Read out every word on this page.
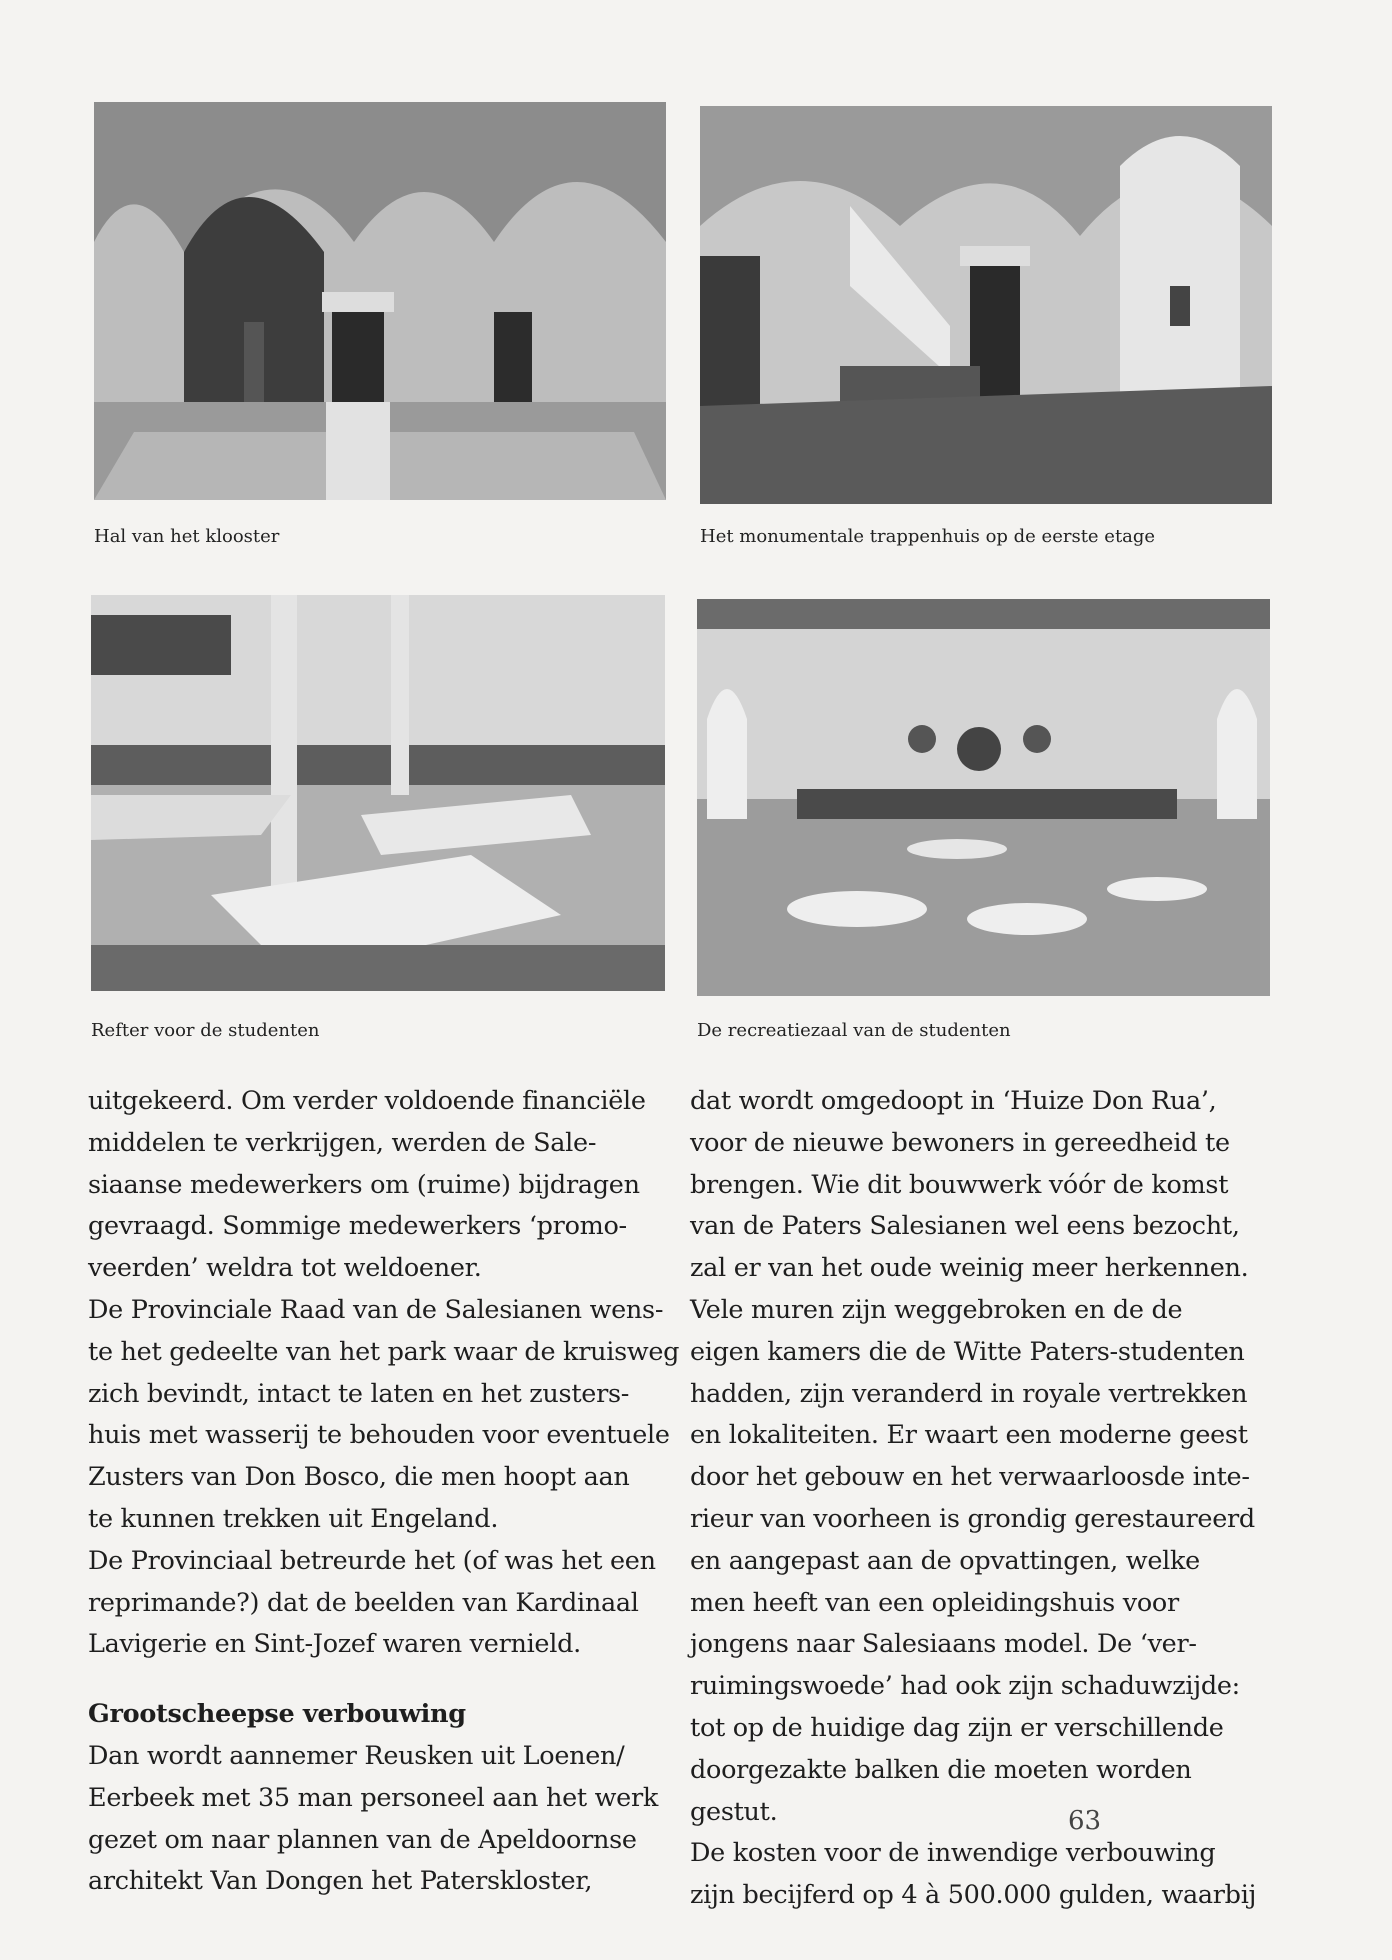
Hal van het klooster	Het monumentale trappenhuis op de eerste etage
Refter voor de studenten	De recreatiezaal van de studenten
uitgekeerd. Om verder voldoende financiële
middelen te verkrijgen, werden de Sale-
siaanse medewerkers om (ruime) bijdragen
gevraagd. Sommige medewerkers ‘promo-
veerden’ weldra tot weldoener.
De Provinciale Raad van de Salesianen wens-
te het gedeelte van het park waar de kruisweg
zich bevindt, intact te laten en het zusters-
huis met wasserij te behouden voor eventuele
Zusters van Don Bosco, die men hoopt aan
te kunnen trekken uit Engeland.
De Provinciaal betreurde het (of was het een
reprimande?) dat de beelden van Kardinaal
Lavigerie en Sint-Jozef waren vernield.
Grootscheepse verbouwing
Dan wordt aannemer Reusken uit Loenen/
Eerbeek met 35 man personeel aan het werk
gezet om naar plannen van de Apeldoornse
architekt Van Dongen het Paterskloster,
dat wordt omgedoopt in ‘Huize Don Rua’,
voor de nieuwe bewoners in gereedheid te
brengen. Wie dit bouwwerk vóór de komst
van de Paters Salesianen wel eens bezocht,
zal er van het oude weinig meer herkennen.
Vele muren zijn weggebroken en de de
eigen kamers die de Witte Paters-studenten
hadden, zijn veranderd in royale vertrekken
en lokaliteiten. Er waart een moderne geest
door het gebouw en het verwaarloosde inte-
rieur van voorheen is grondig gerestaureerd
en aangepast aan de opvattingen, welke
men heeft van een opleidingshuis voor
jongens naar Salesiaans model. De ‘ver-
ruimingswoede’ had ook zijn schaduwzijde:
tot op de huidige dag zijn er verschillende
doorgezakte balken die moeten worden
gestut.
De kosten voor de inwendige verbouwing
zijn becijferd op 4 à 500.000 gulden, waarbij
63
